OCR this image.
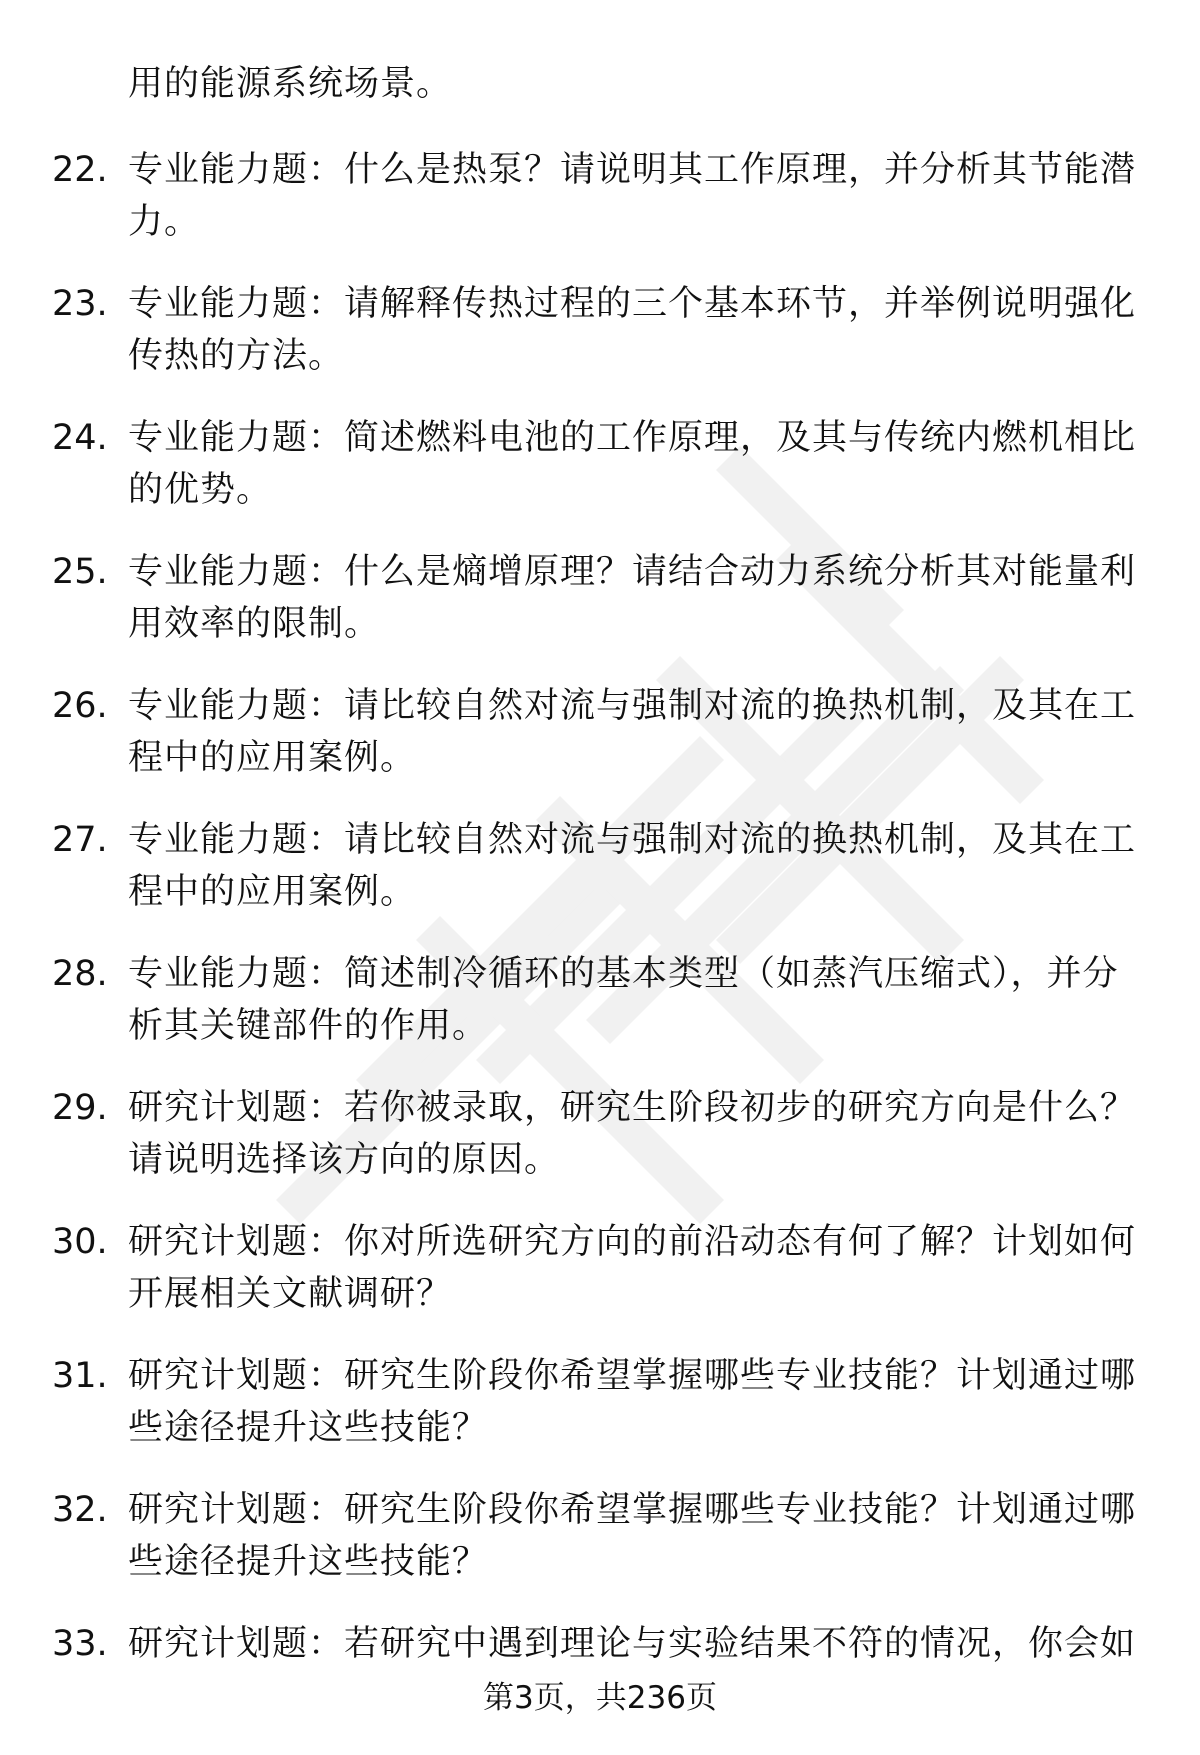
用的能源系统场景。
22. 专业能力题：什么是热泵？请说明其工作原理，并分析其节能潜力。
23. 专业能力题：请解释传热过程的三个基本环节，并举例说明强化传热的方法。
24. 专业能力题：简述燃料电池的工作原理，及其与传统内燃机相比的优势。
25. 专业能力题：什么是熵增原理？请结合动力系统分析其对能量利用效率的限制。
26. 专业能力题：请比较自然对流与强制对流的换热机制，及其在工程中的应用案例。
27. 专业能力题：请比较自然对流与强制对流的换热机制，及其在工程中的应用案例。
28. 专业能力题：简述制冷循环的基本类型（如蒸汽压缩式），并分析其关键部件的作用。
29. 研究计划题：若你被录取，研究生阶段初步的研究方向是什么？请说明选择该方向的原因。
30. 研究计划题：你对所选研究方向的前沿动态有何了解？计划如何开展相关文献调研？
31. 研究计划题：研究生阶段你希望掌握哪些专业技能？计划通过哪些途径提升这些技能？
32. 研究计划题：研究生阶段你希望掌握哪些专业技能？计划通过哪些途径提升这些技能？
33. 研究计划题：若研究中遇到理论与实验结果不符的情况，你会如
第3页，共236页
